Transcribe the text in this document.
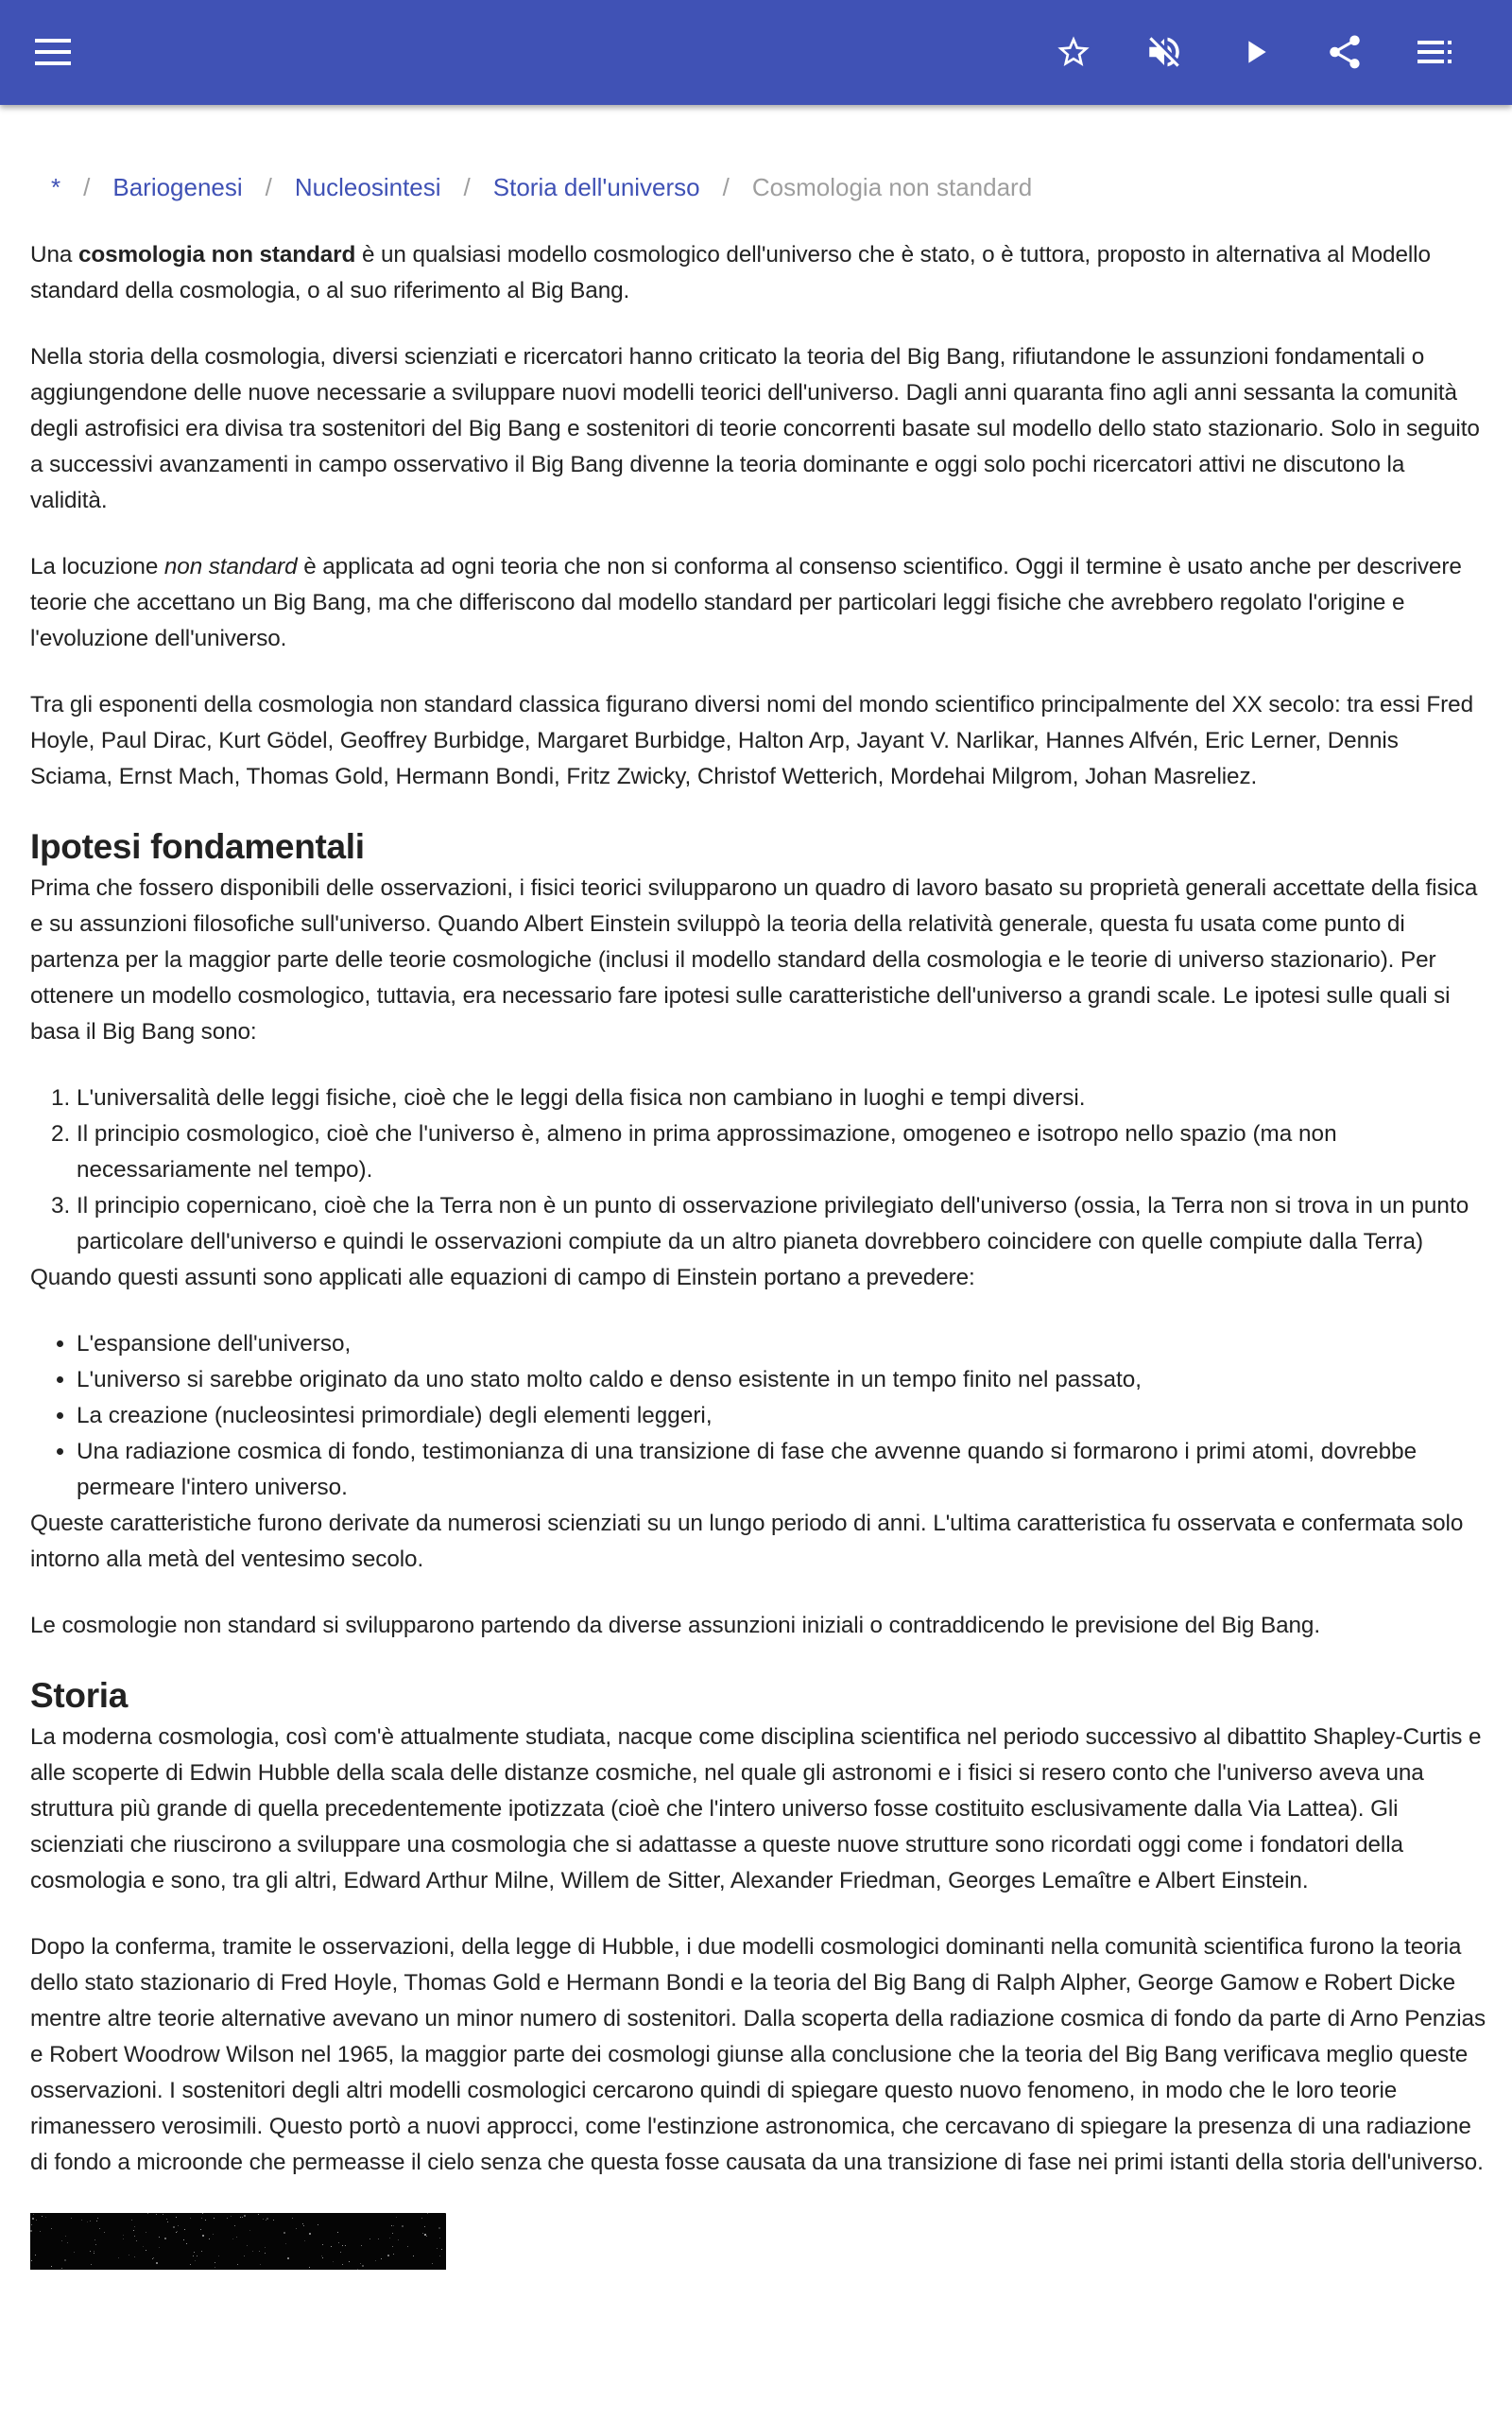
* / Bariogenesi / Nucleosintesi / Storia dell'universo / Cosmologia non standard

Una cosmologia non standard è un qualsiasi modello cosmologico dell'universo che è stato, o è tuttora, proposto in alternativa al Modello standard della cosmologia, o al suo riferimento al Big Bang.

Nella storia della cosmologia, diversi scienziati e ricercatori hanno criticato la teoria del Big Bang, rifiutandone le assunzioni fondamentali o aggiungendone delle nuove necessarie a sviluppare nuovi modelli teorici dell'universo. Dagli anni quaranta fino agli anni sessanta la comunità degli astrofisici era divisa tra sostenitori del Big Bang e sostenitori di teorie concorrenti basate sul modello dello stato stazionario. Solo in seguito a successivi avanzamenti in campo osservativo il Big Bang divenne la teoria dominante e oggi solo pochi ricercatori attivi ne discutono la validità.

La locuzione non standard è applicata ad ogni teoria che non si conforma al consenso scientifico. Oggi il termine è usato anche per descrivere teorie che accettano un Big Bang, ma che differiscono dal modello standard per particolari leggi fisiche che avrebbero regolato l'origine e l'evoluzione dell'universo.

Tra gli esponenti della cosmologia non standard classica figurano diversi nomi del mondo scientifico principalmente del XX secolo: tra essi Fred Hoyle, Paul Dirac, Kurt Gödel, Geoffrey Burbidge, Margaret Burbidge, Halton Arp, Jayant V. Narlikar, Hannes Alfvén, Eric Lerner, Dennis Sciama, Ernst Mach, Thomas Gold, Hermann Bondi, Fritz Zwicky, Christof Wetterich, Mordehai Milgrom, Johan Masreliez.

Ipotesi fondamentali

Prima che fossero disponibili delle osservazioni, i fisici teorici svilupparono un quadro di lavoro basato su proprietà generali accettate della fisica e su assunzioni filosofiche sull'universo. Quando Albert Einstein sviluppò la teoria della relatività generale, questa fu usata come punto di partenza per la maggior parte delle teorie cosmologiche (inclusi il modello standard della cosmologia e le teorie di universo stazionario). Per ottenere un modello cosmologico, tuttavia, era necessario fare ipotesi sulle caratteristiche dell'universo a grandi scale. Le ipotesi sulle quali si basa il Big Bang sono:

1. L'universalità delle leggi fisiche, cioè che le leggi della fisica non cambiano in luoghi e tempi diversi.
2. Il principio cosmologico, cioè che l'universo è, almeno in prima approssimazione, omogeneo e isotropo nello spazio (ma non necessariamente nel tempo).
3. Il principio copernicano, cioè che la Terra non è un punto di osservazione privilegiato dell'universo (ossia, la Terra non si trova in un punto particolare dell'universo e quindi le osservazioni compiute da un altro pianeta dovrebbero coincidere con quelle compiute dalla Terra)

Quando questi assunti sono applicati alle equazioni di campo di Einstein portano a prevedere:

• L'espansione dell'universo,
• L'universo si sarebbe originato da uno stato molto caldo e denso esistente in un tempo finito nel passato,
• La creazione (nucleosintesi primordiale) degli elementi leggeri,
• Una radiazione cosmica di fondo, testimonianza di una transizione di fase che avvenne quando si formarono i primi atomi, dovrebbe permeare l'intero universo.

Queste caratteristiche furono derivate da numerosi scienziati su un lungo periodo di anni. L'ultima caratteristica fu osservata e confermata solo intorno alla metà del ventesimo secolo.

Le cosmologie non standard si svilupparono partendo da diverse assunzioni iniziali o contraddicendo le previsione del Big Bang.

Storia

La moderna cosmologia, così com'è attualmente studiata, nacque come disciplina scientifica nel periodo successivo al dibattito Shapley-Curtis e alle scoperte di Edwin Hubble della scala delle distanze cosmiche, nel quale gli astronomi e i fisici si resero conto che l'universo aveva una struttura più grande di quella precedentemente ipotizzata (cioè che l'intero universo fosse costituito esclusivamente dalla Via Lattea). Gli scienziati che riuscirono a sviluppare una cosmologia che si adattasse a queste nuove strutture sono ricordati oggi come i fondatori della cosmologia e sono, tra gli altri, Edward Arthur Milne, Willem de Sitter, Alexander Friedman, Georges Lemaître e Albert Einstein.

Dopo la conferma, tramite le osservazioni, della legge di Hubble, i due modelli cosmologici dominanti nella comunità scientifica furono la teoria dello stato stazionario di Fred Hoyle, Thomas Gold e Hermann Bondi e la teoria del Big Bang di Ralph Alpher, George Gamow e Robert Dicke mentre altre teorie alternative avevano un minor numero di sostenitori. Dalla scoperta della radiazione cosmica di fondo da parte di Arno Penzias e Robert Woodrow Wilson nel 1965, la maggior parte dei cosmologi giunse alla conclusione che la teoria del Big Bang verificava meglio queste osservazioni. I sostenitori degli altri modelli cosmologici cercarono quindi di spiegare questo nuovo fenomeno, in modo che le loro teorie rimanessero verosimili. Questo portò a nuovi approcci, come l'estinzione astronomica, che cercavano di spiegare la presenza di una radiazione di fondo a microonde che permeasse il cielo senza che questa fosse causata da una transizione di fase nei primi istanti della storia dell'universo.
